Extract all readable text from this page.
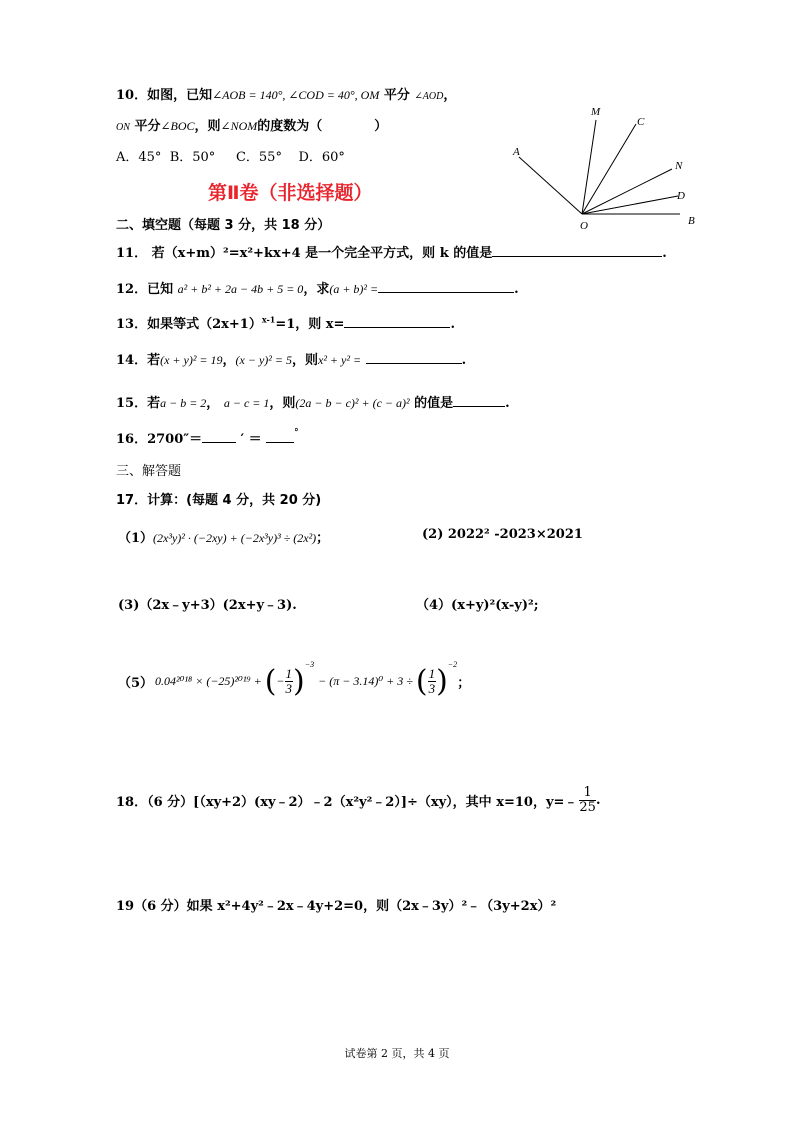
10．如图，已知∠AOB = 140°, ∠COD = 40°, OM 平分 ∠AOD，
ON 平分∠BOC，则∠NOM的度数为（	）
A．45°  B．50°     C．55°    D．60°	A
M
C
N
D
O	B
第Ⅱ卷（非选择题）
二、填空题（每题 3 分，共 18 分）
11． 若（x+m）²=x²+kx+4 是一个完全平方式，则 k 的值是	.
12．已知 a² + b² + 2a − 4b + 5 = 0，求(a + b)² =	.
13．如果等式$(2x+1)^{x-1}=1$，则 x=	.
14．若(x + y)² = 19，(x − y)² = 5，则x² + y² =	.
15．若a − b = 2， a − c = 1，则(2a − b − c)² + (c − a)² 的值是	.
16．2700″＝	′ ＝	°
三、解答题
17．计算：(每题 4 分，共 20 分)
（1）(2x³y)² · (−2xy) + (−2x³y)³ ÷ (2x²)；	(2) 2022² -2023×2021
(3)（2x﹣y+3）(2x+y﹣3).	（4）(x+y)²(x-y)²;
（5） 0.04²⁰¹⁸ × (−25)²⁰¹⁹ + ( − $\frac{1}{3}$ ) −3
− (π − 3.14)⁰ + 3 ÷ ( $\frac{1}{3}$ ) −2
；
18．（6 分）[（xy+2）(xy﹣2）﹣2（x²y²﹣2）]÷（xy），其中 x=10，y=﹣ $\frac{1}{25}$ .
19（6 分）如果 x²+4y²﹣2x﹣4y+2=0，则（2x﹣3y）²﹣（3y+2x）²
试卷第 2 页，共 4 页
